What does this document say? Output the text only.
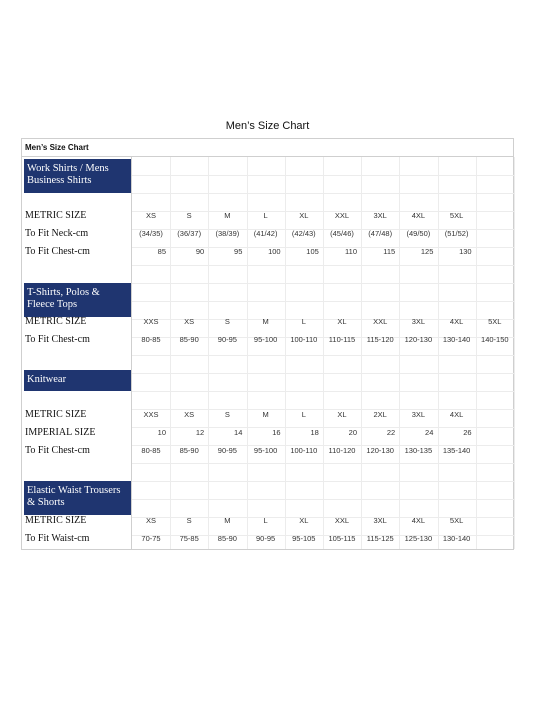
Men’s Size Chart
Men’s Size Chart
Work Shirts / Mens Business Shirts
METRIC SIZE	XS	S	M	L	XL	XXL	3XL	4XL	5XL
To Fit Neck-cm	(34/35)	(36/37)	(38/39)	(41/42)	(42/43)	(45/46)	(47/48)	(49/50)	(51/52)
To Fit Chest-cm	85	90	95	100	105	110	115	125	130
T-Shirts, Polos & Fleece Tops
METRIC SIZE	XXS	XS	S	M	L	XL	XXL	3XL	4XL	5XL
To Fit Chest-cm	80-85	85-90	90-95	95-100	100-110	110-115	115-120	120-130	130-140	140-150
Knitwear
METRIC SIZE	XXS	XS	S	M	L	XL	2XL	3XL	4XL
IMPERIAL SIZE	10	12	14	16	18	20	22	24	26
To Fit Chest-cm	80-85	85-90	90-95	95-100	100-110	110-120	120-130	130-135	135-140
Elastic Waist Trousers & Shorts
METRIC SIZE	XS	S	M	L	XL	XXL	3XL	4XL	5XL
To Fit Waist-cm	70-75	75-85	85-90	90-95	95-105	105-115	115-125	125-130	130-140
